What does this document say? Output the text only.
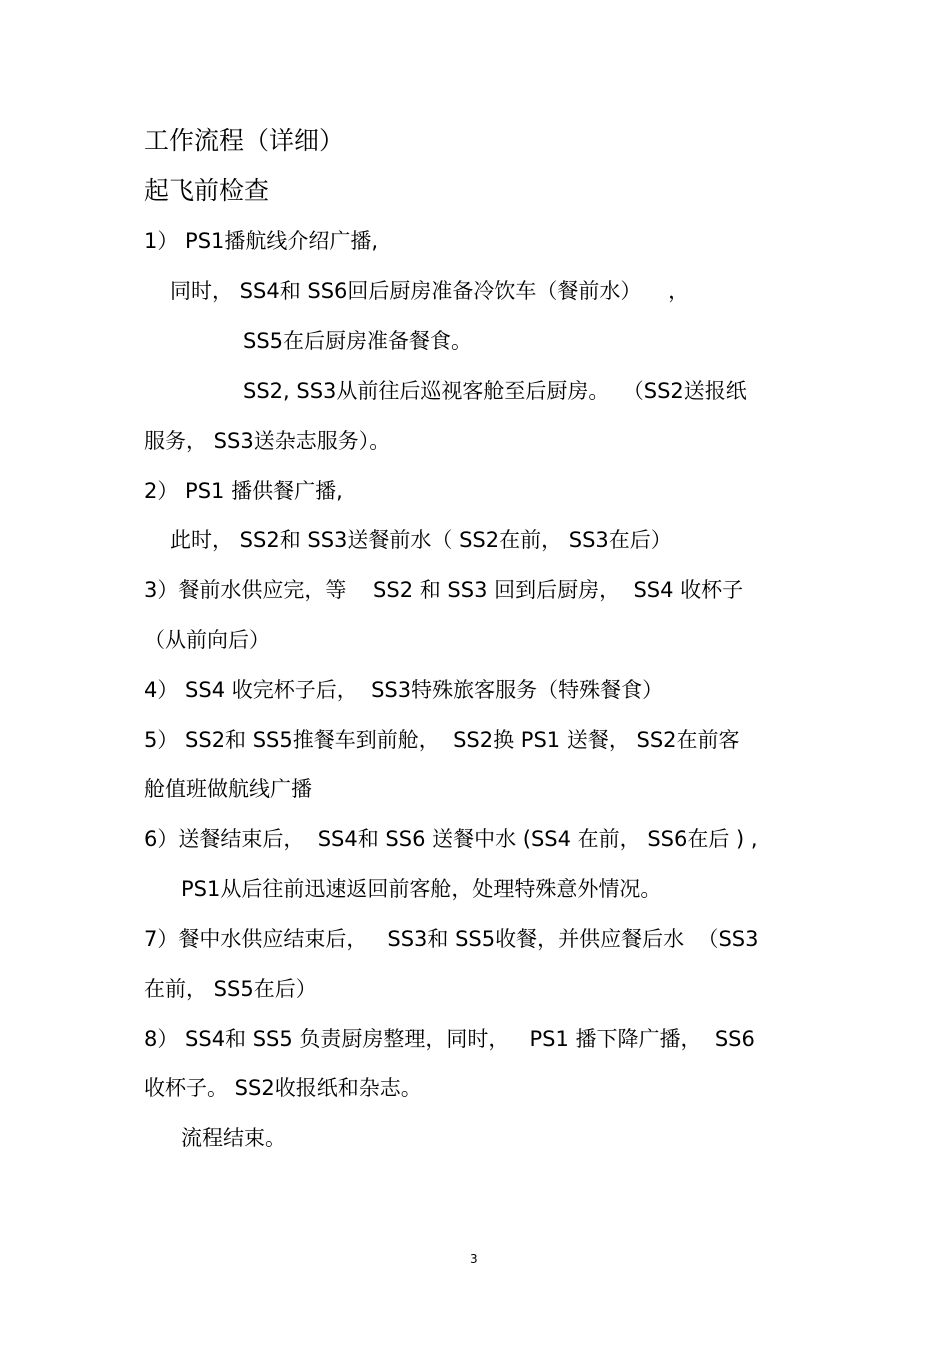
工作流程（详细）
起飞前检查
1） PS1播航线介绍广播,
同时， SS4和 SS6回后厨房准备冷饮车（餐前水）    ，
SS5在后厨房准备餐食。
SS2, SS3从前往后巡视客舱至后厨房。  （SS2送报纸
服务， SS3送杂志服务）。
2） PS1 播供餐广播,
此时， SS2和 SS3送餐前水（ SS2在前， SS3在后）
3）餐前水供应完，等    SS2 和 SS3 回到后厨房，  SS4 收杯子
（从前向后）
4） SS4 收完杯子后，  SS3特殊旅客服务（特殊餐食）
5） SS2和 SS5推餐车到前舱，  SS2换 PS1 送餐， SS2在前客
舱值班做航线广播
6）送餐结束后，  SS4和 SS6 送餐中水 (SS4 在前， SS6在后 ) ,
PS1从后往前迅速返回前客舱，处理特殊意外情况。
7）餐中水供应结束后，   SS3和 SS5收餐，并供应餐后水  （SS3
在前， SS5在后）
8） SS4和 SS5 负责厨房整理，同时，   PS1 播下降广播，  SS6
收杯子。 SS2收报纸和杂志。
流程结束。
3
